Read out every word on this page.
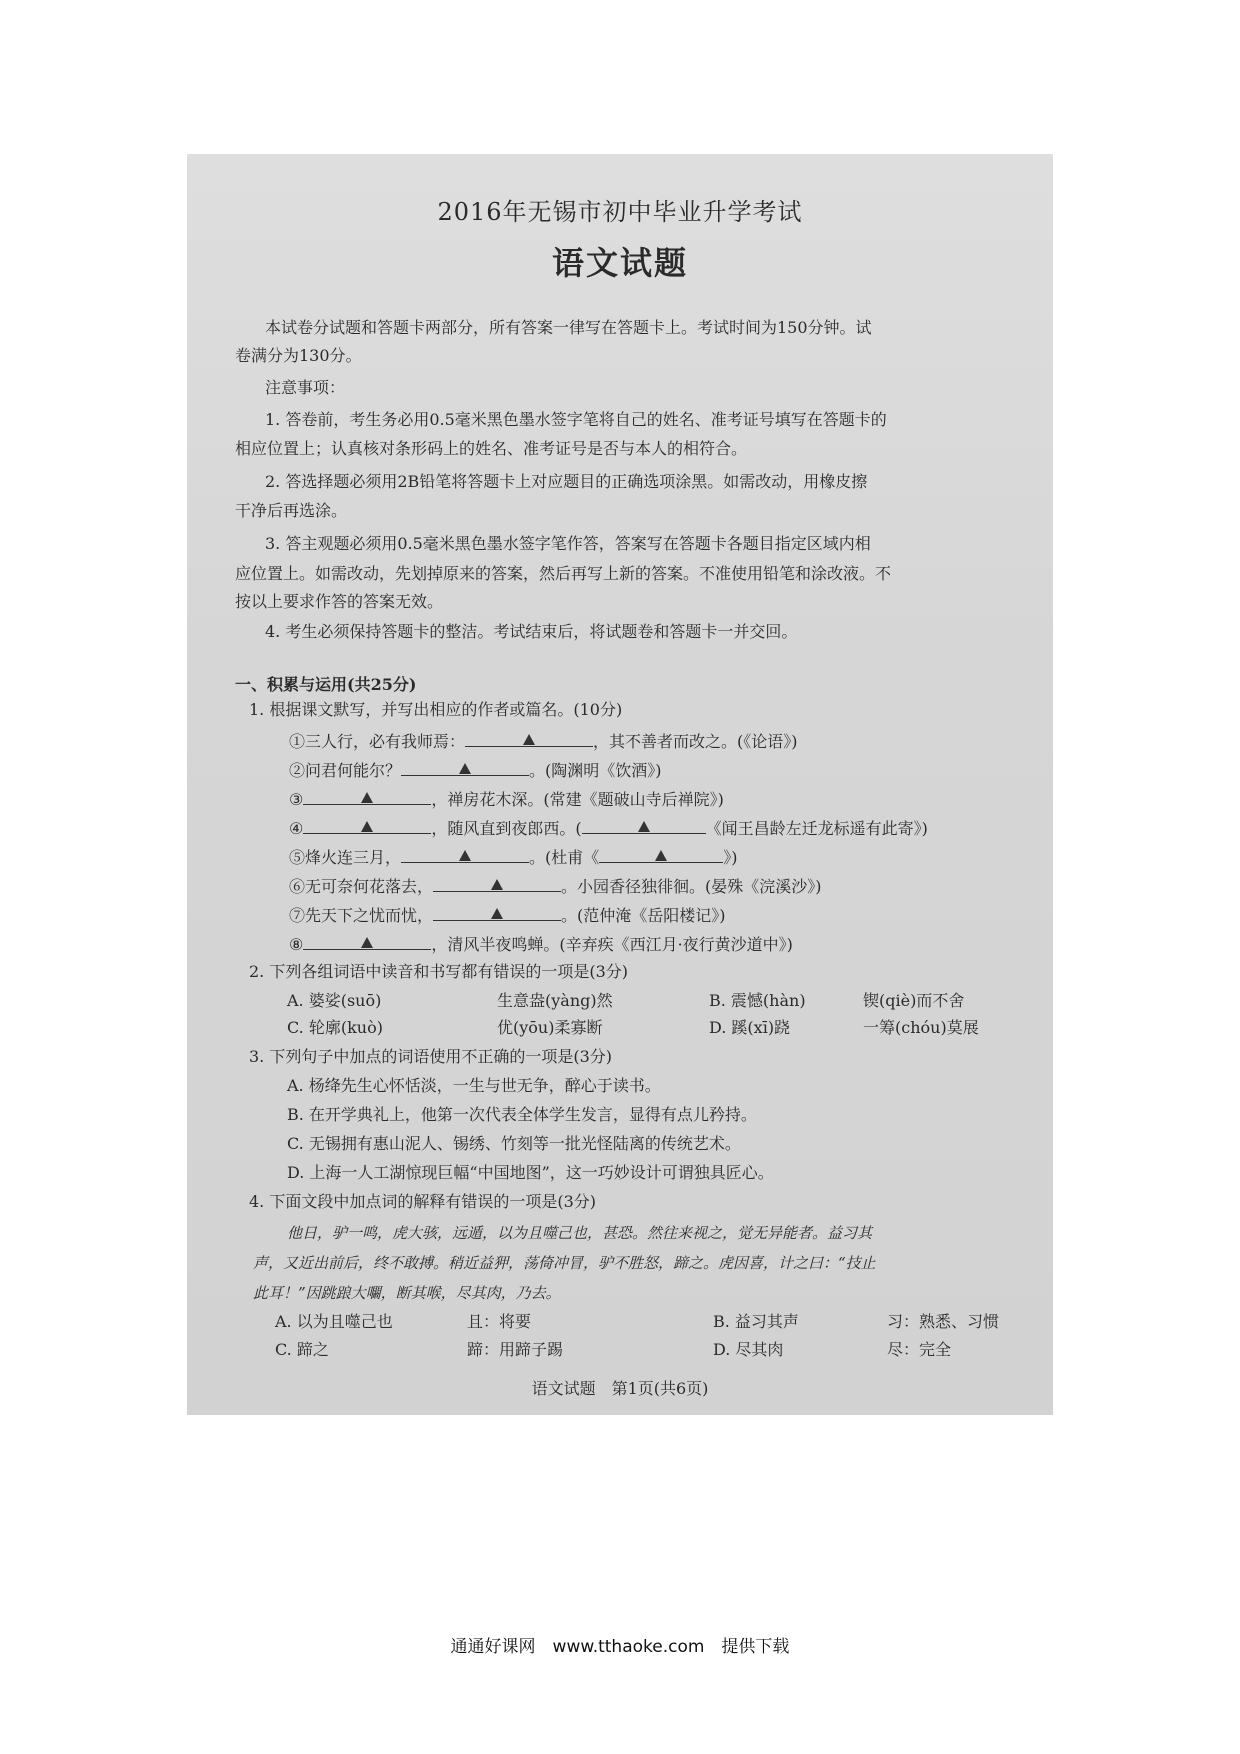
2016年无锡市初中毕业升学考试
语文试题
本试卷分试题和答题卡两部分，所有答案一律写在答题卡上。考试时间为150分钟。试
卷满分为130分。
注意事项：
1. 答卷前，考生务必用0.5毫米黑色墨水签字笔将自己的姓名、准考证号填写在答题卡的
相应位置上；认真核对条形码上的姓名、准考证号是否与本人的相符合。
2. 答选择题必须用2B铅笔将答题卡上对应题目的正确选项涂黑。如需改动，用橡皮擦
干净后再选涂。
3. 答主观题必须用0.5毫米黑色墨水签字笔作答，答案写在答题卡各题目指定区域内相
应位置上。如需改动，先划掉原来的答案，然后再写上新的答案。不准使用铅笔和涂改液。不
按以上要求作答的答案无效。
4. 考生必须保持答题卡的整洁。考试结束后，将试题卷和答题卡一并交回。
一、积累与运用(共25分)
1. 根据课文默写，并写出相应的作者或篇名。(10分)
①三人行，必有我师焉：	，其不善者而改之。(《论语》)
②问君何能尔？	。(陶渊明《饮酒》)
③	，禅房花木深。(常建《题破山寺后禅院》)
④	，随风直到夜郎西。(	《闻王昌龄左迁龙标遥有此寄》)
⑤烽火连三月，	。(杜甫《	》)
⑥无可奈何花落去，	。小园香径独徘徊。(晏殊《浣溪沙》)
⑦先天下之忧而忧，	。(范仲淹《岳阳楼记》)
⑧	，清风半夜鸣蝉。(辛弃疾《西江月·夜行黄沙道中》)
2. 下列各组词语中读音和书写都有错误的一项是(3分)
A. 婆娑(suō)	生意盎(yàng)然	B. 震憾(hàn)	锲(qiè)而不舍
C. 轮廓(kuò)	优(yōu)柔寡断	D. 蹊(xī)跷	一筹(chóu)莫展
3. 下列句子中加点的词语使用不正确的一项是(3分)
A. 杨绛先生心怀恬淡，一生与世无争，醉心于读书。
B. 在开学典礼上，他第一次代表全体学生发言，显得有点儿矜持。
C. 无锡拥有惠山泥人、锡绣、竹刻等一批光怪陆离的传统艺术。
D. 上海一人工湖惊现巨幅“中国地图”，这一巧妙设计可谓独具匠心。
4. 下面文段中加点词的解释有错误的一项是(3分)
他日，驴一鸣，虎大骇，远遁，以为且噬己也，甚恐。然往来视之，觉无异能者。益习其
声，又近出前后，终不敢搏。稍近益狎，荡倚冲冒，驴不胜怒，蹄之。虎因喜，计之曰：“技止
此耳！”因跳踉大㘚，断其喉，尽其肉，乃去。
A. 以为且噬己也	且：将要	B. 益习其声	习：熟悉、习惯
C. 蹄之	蹄：用蹄子踢	D. 尽其肉	尽：完全
语文试题　第1页(共6页)
通通好课网　www.tthaoke.com　提供下载
